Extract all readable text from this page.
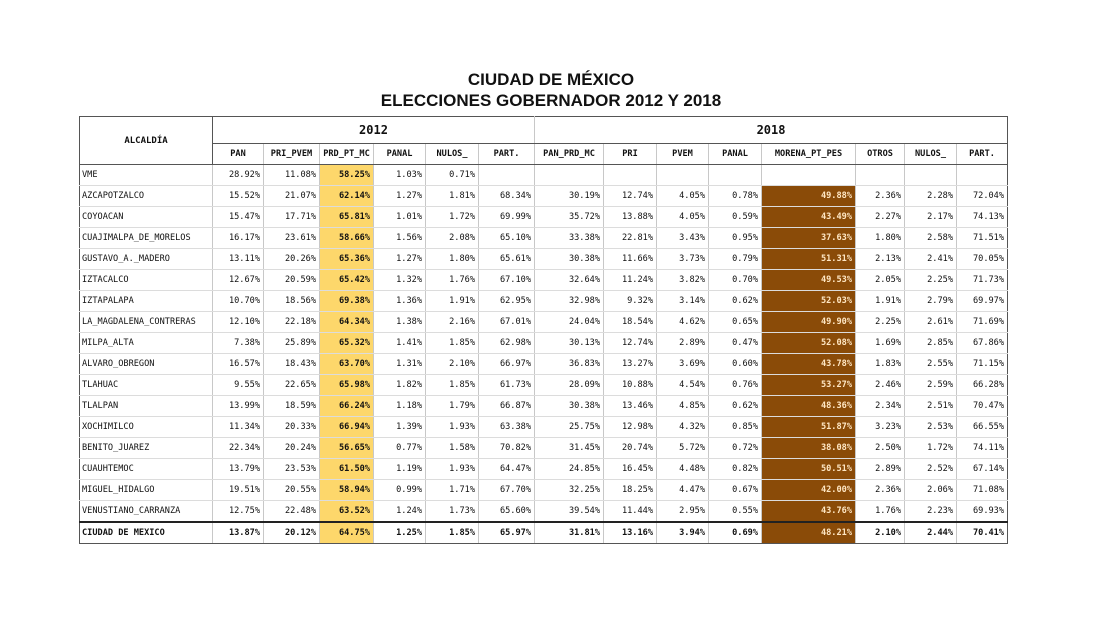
CIUDAD DE MÉXICO
ELECCIONES GOBERNADOR 2012 Y 2018
ALCALDÍA	2012						2018							
	PAN	PRI_PVEM	PRD_PT_MC	PANAL	NULOS_	PART.	PAN_PRD_MC	PRI	PVEM	PANAL	MORENA_PT_PES	OTROS	NULOS_	PART.
VME	28.92%	11.08%	58.25%	1.03%	0.71%									
AZCAPOTZALCO	15.52%	21.07%	62.14%	1.27%	1.81%	68.34%	30.19%	12.74%	4.05%	0.78%	49.88%	2.36%	2.28%	72.04%
COYOACAN	15.47%	17.71%	65.81%	1.01%	1.72%	69.99%	35.72%	13.88%	4.05%	0.59%	43.49%	2.27%	2.17%	74.13%
CUAJIMALPA_DE_MORELOS	16.17%	23.61%	58.66%	1.56%	2.08%	65.10%	33.38%	22.81%	3.43%	0.95%	37.63%	1.80%	2.58%	71.51%
GUSTAVO_A._MADERO	13.11%	20.26%	65.36%	1.27%	1.80%	65.61%	30.38%	11.66%	3.73%	0.79%	51.31%	2.13%	2.41%	70.05%
IZTACALCO	12.67%	20.59%	65.42%	1.32%	1.76%	67.10%	32.64%	11.24%	3.82%	0.70%	49.53%	2.05%	2.25%	71.73%
IZTAPALAPA	10.70%	18.56%	69.38%	1.36%	1.91%	62.95%	32.98%	9.32%	3.14%	0.62%	52.03%	1.91%	2.79%	69.97%
LA_MAGDALENA_CONTRERAS	12.10%	22.18%	64.34%	1.38%	2.16%	67.01%	24.04%	18.54%	4.62%	0.65%	49.90%	2.25%	2.61%	71.69%
MILPA_ALTA	7.38%	25.89%	65.32%	1.41%	1.85%	62.98%	30.13%	12.74%	2.89%	0.47%	52.08%	1.69%	2.85%	67.86%
ALVARO_OBREGON	16.57%	18.43%	63.70%	1.31%	2.10%	66.97%	36.83%	13.27%	3.69%	0.60%	43.78%	1.83%	2.55%	71.15%
TLAHUAC	9.55%	22.65%	65.98%	1.82%	1.85%	61.73%	28.09%	10.88%	4.54%	0.76%	53.27%	2.46%	2.59%	66.28%
TLALPAN	13.99%	18.59%	66.24%	1.18%	1.79%	66.87%	30.38%	13.46%	4.85%	0.62%	48.36%	2.34%	2.51%	70.47%
XOCHIMILCO	11.34%	20.33%	66.94%	1.39%	1.93%	63.38%	25.75%	12.98%	4.32%	0.85%	51.87%	3.23%	2.53%	66.55%
BENITO_JUAREZ	22.34%	20.24%	56.65%	0.77%	1.58%	70.82%	31.45%	20.74%	5.72%	0.72%	38.08%	2.50%	1.72%	74.11%
CUAUHTEMOC	13.79%	23.53%	61.50%	1.19%	1.93%	64.47%	24.85%	16.45%	4.48%	0.82%	50.51%	2.89%	2.52%	67.14%
MIGUEL_HIDALGO	19.51%	20.55%	58.94%	0.99%	1.71%	67.70%	32.25%	18.25%	4.47%	0.67%	42.00%	2.36%	2.06%	71.08%
VENUSTIANO_CARRANZA	12.75%	22.48%	63.52%	1.24%	1.73%	65.60%	39.54%	11.44%	2.95%	0.55%	43.76%	1.76%	2.23%	69.93%
CIUDAD DE MEXICO	13.87%	20.12%	64.75%	1.25%	1.85%	65.97%	31.81%	13.16%	3.94%	0.69%	48.21%	2.10%	2.44%	70.41%
